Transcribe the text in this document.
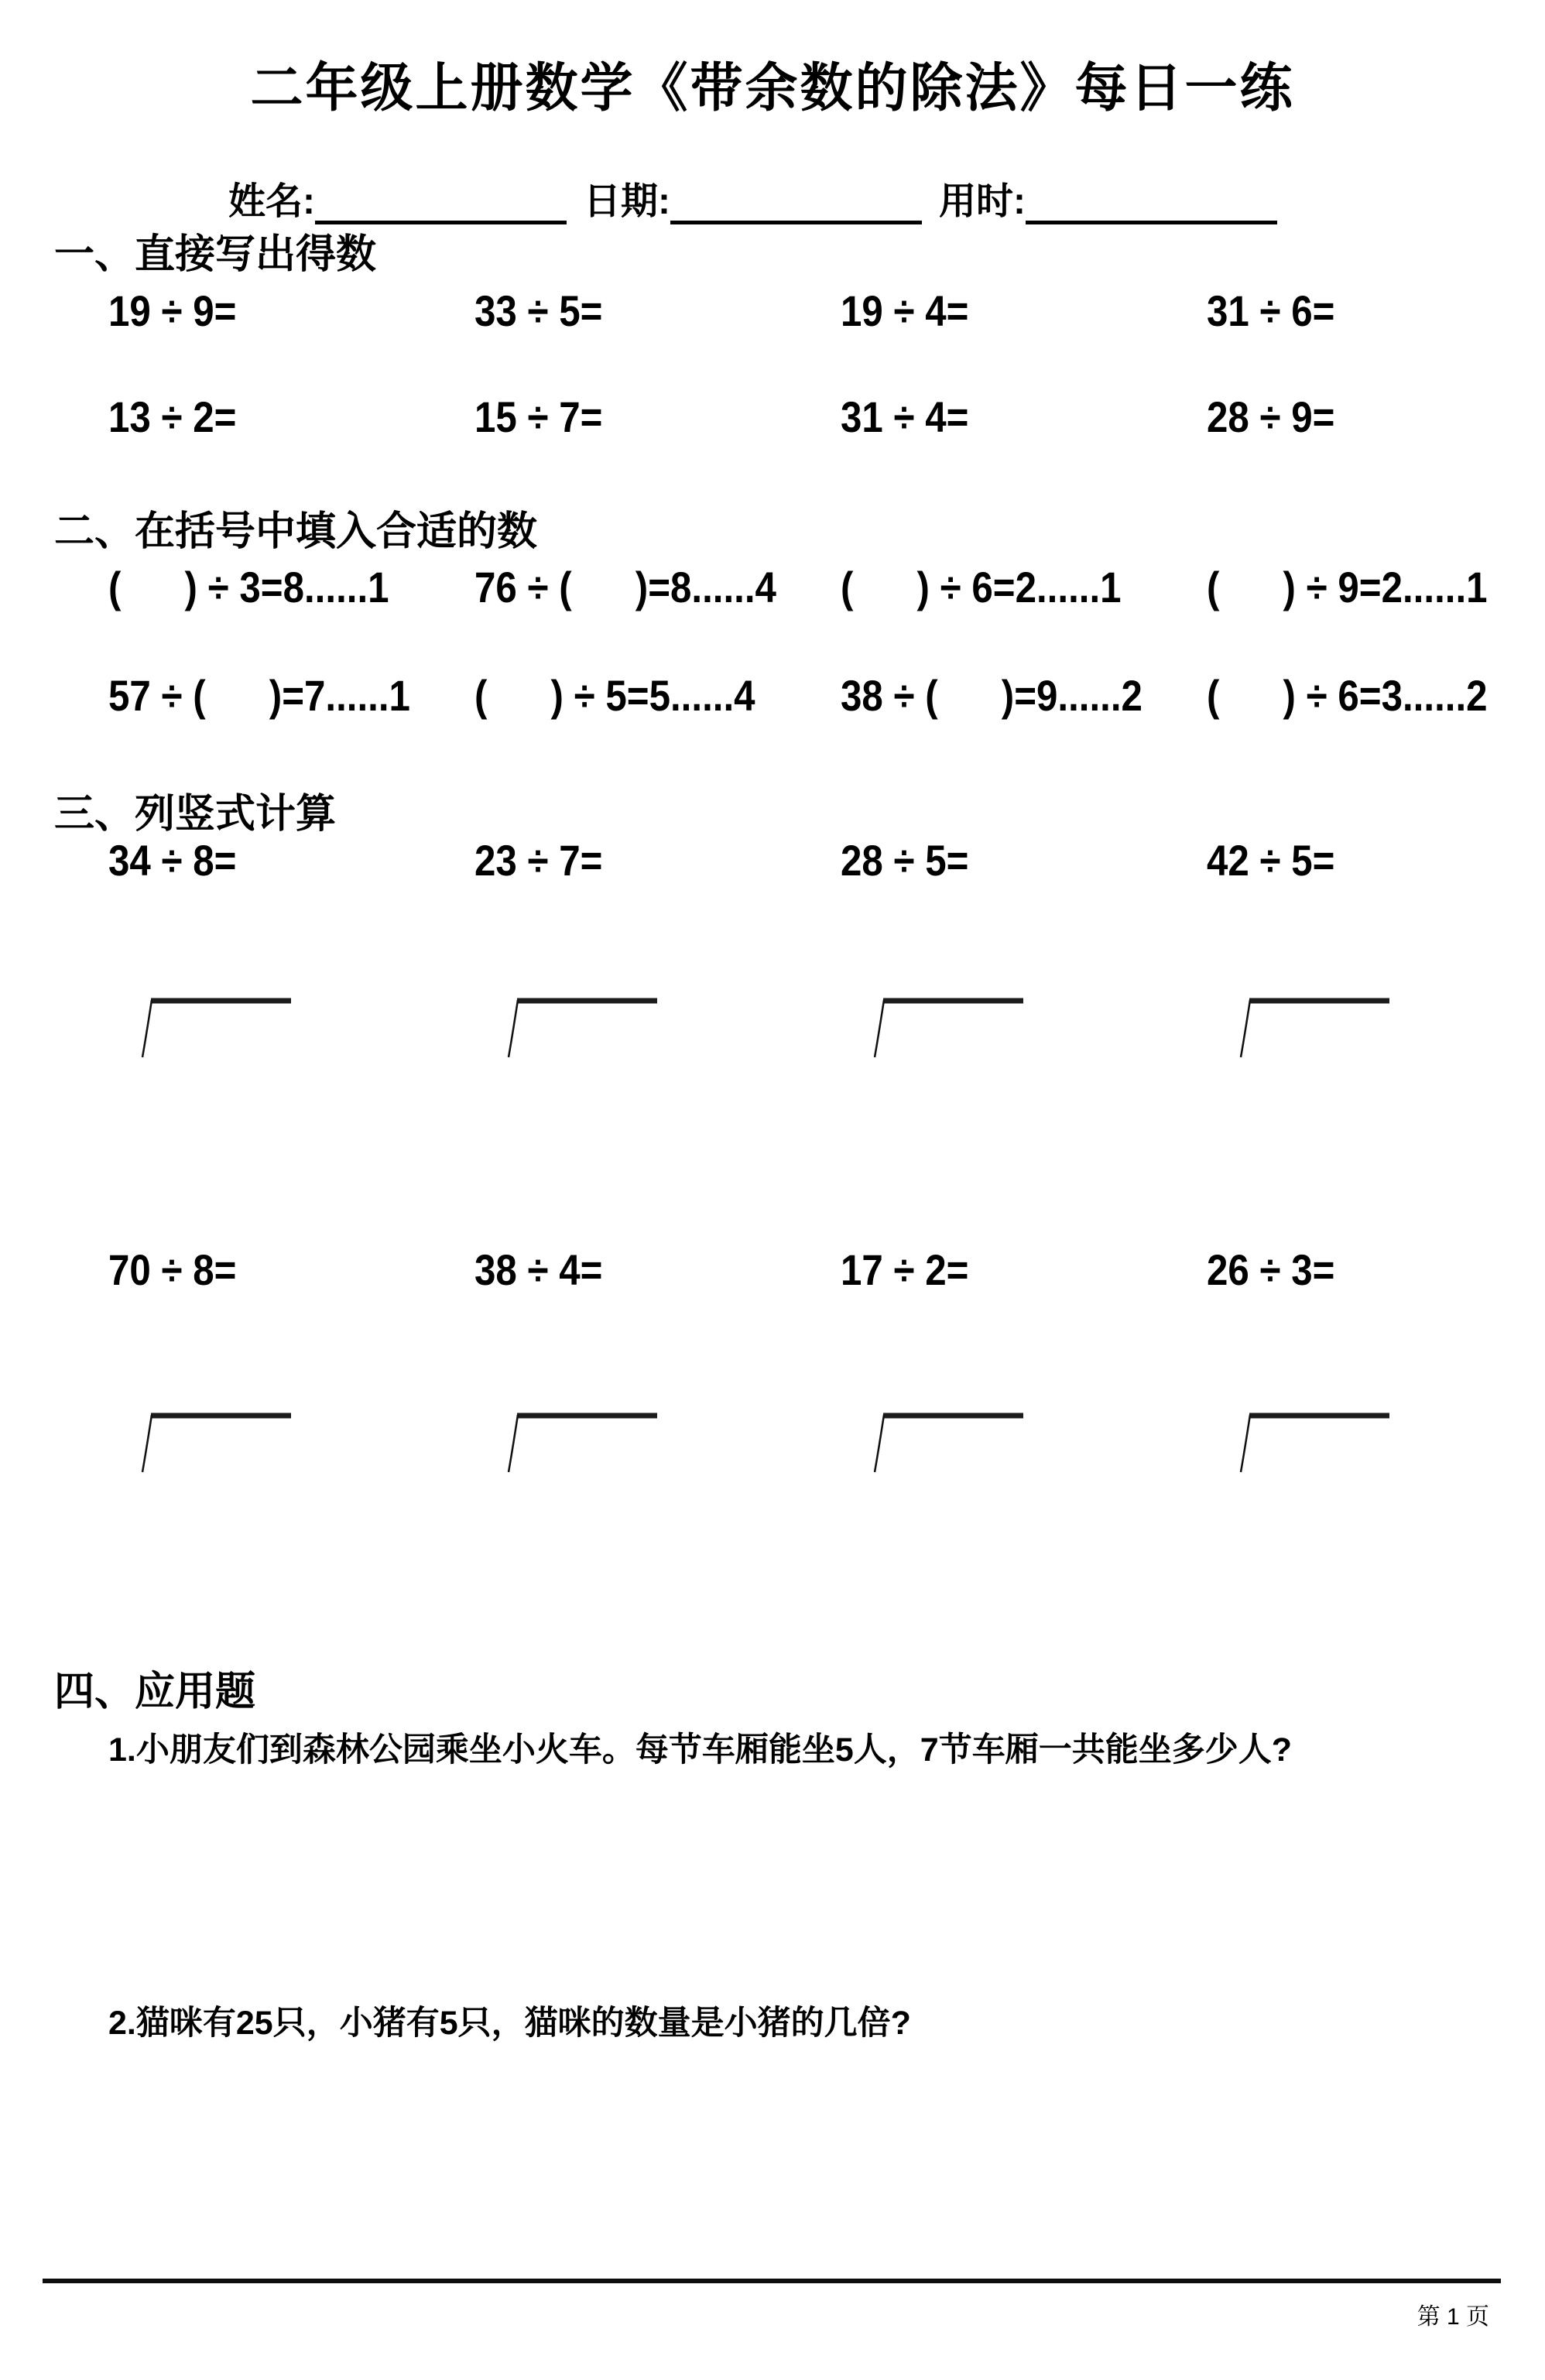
二年级上册数学《带余数的除法》每日一练
姓名:	日期:	用时:
一、直接写出得数
19 ÷ 9=	33 ÷ 5=	19 ÷ 4=	31 ÷ 6=
13 ÷ 2=	15 ÷ 7=	31 ÷ 4=	28 ÷ 9=
二、在括号中填入合适的数
(      ) ÷ 3=8......1	76 ÷ (      )=8......4	(      ) ÷ 6=2......1	(      ) ÷ 9=2......1
57 ÷ (      )=7......1	(      ) ÷ 5=5......4	38 ÷ (      )=9......2	(      ) ÷ 6=3......2
三、列竖式计算
34 ÷ 8=	23 ÷ 7=	28 ÷ 5=	42 ÷ 5=
70 ÷ 8=	38 ÷ 4=	17 ÷ 2=	26 ÷ 3=
四、应用题
1.小朋友们到森林公园乘坐小火车。每节车厢能坐5人，7节车厢一共能坐多少人?
2.猫咪有25只，小猪有5只，猫咪的数量是小猪的几倍?
第 1 页
